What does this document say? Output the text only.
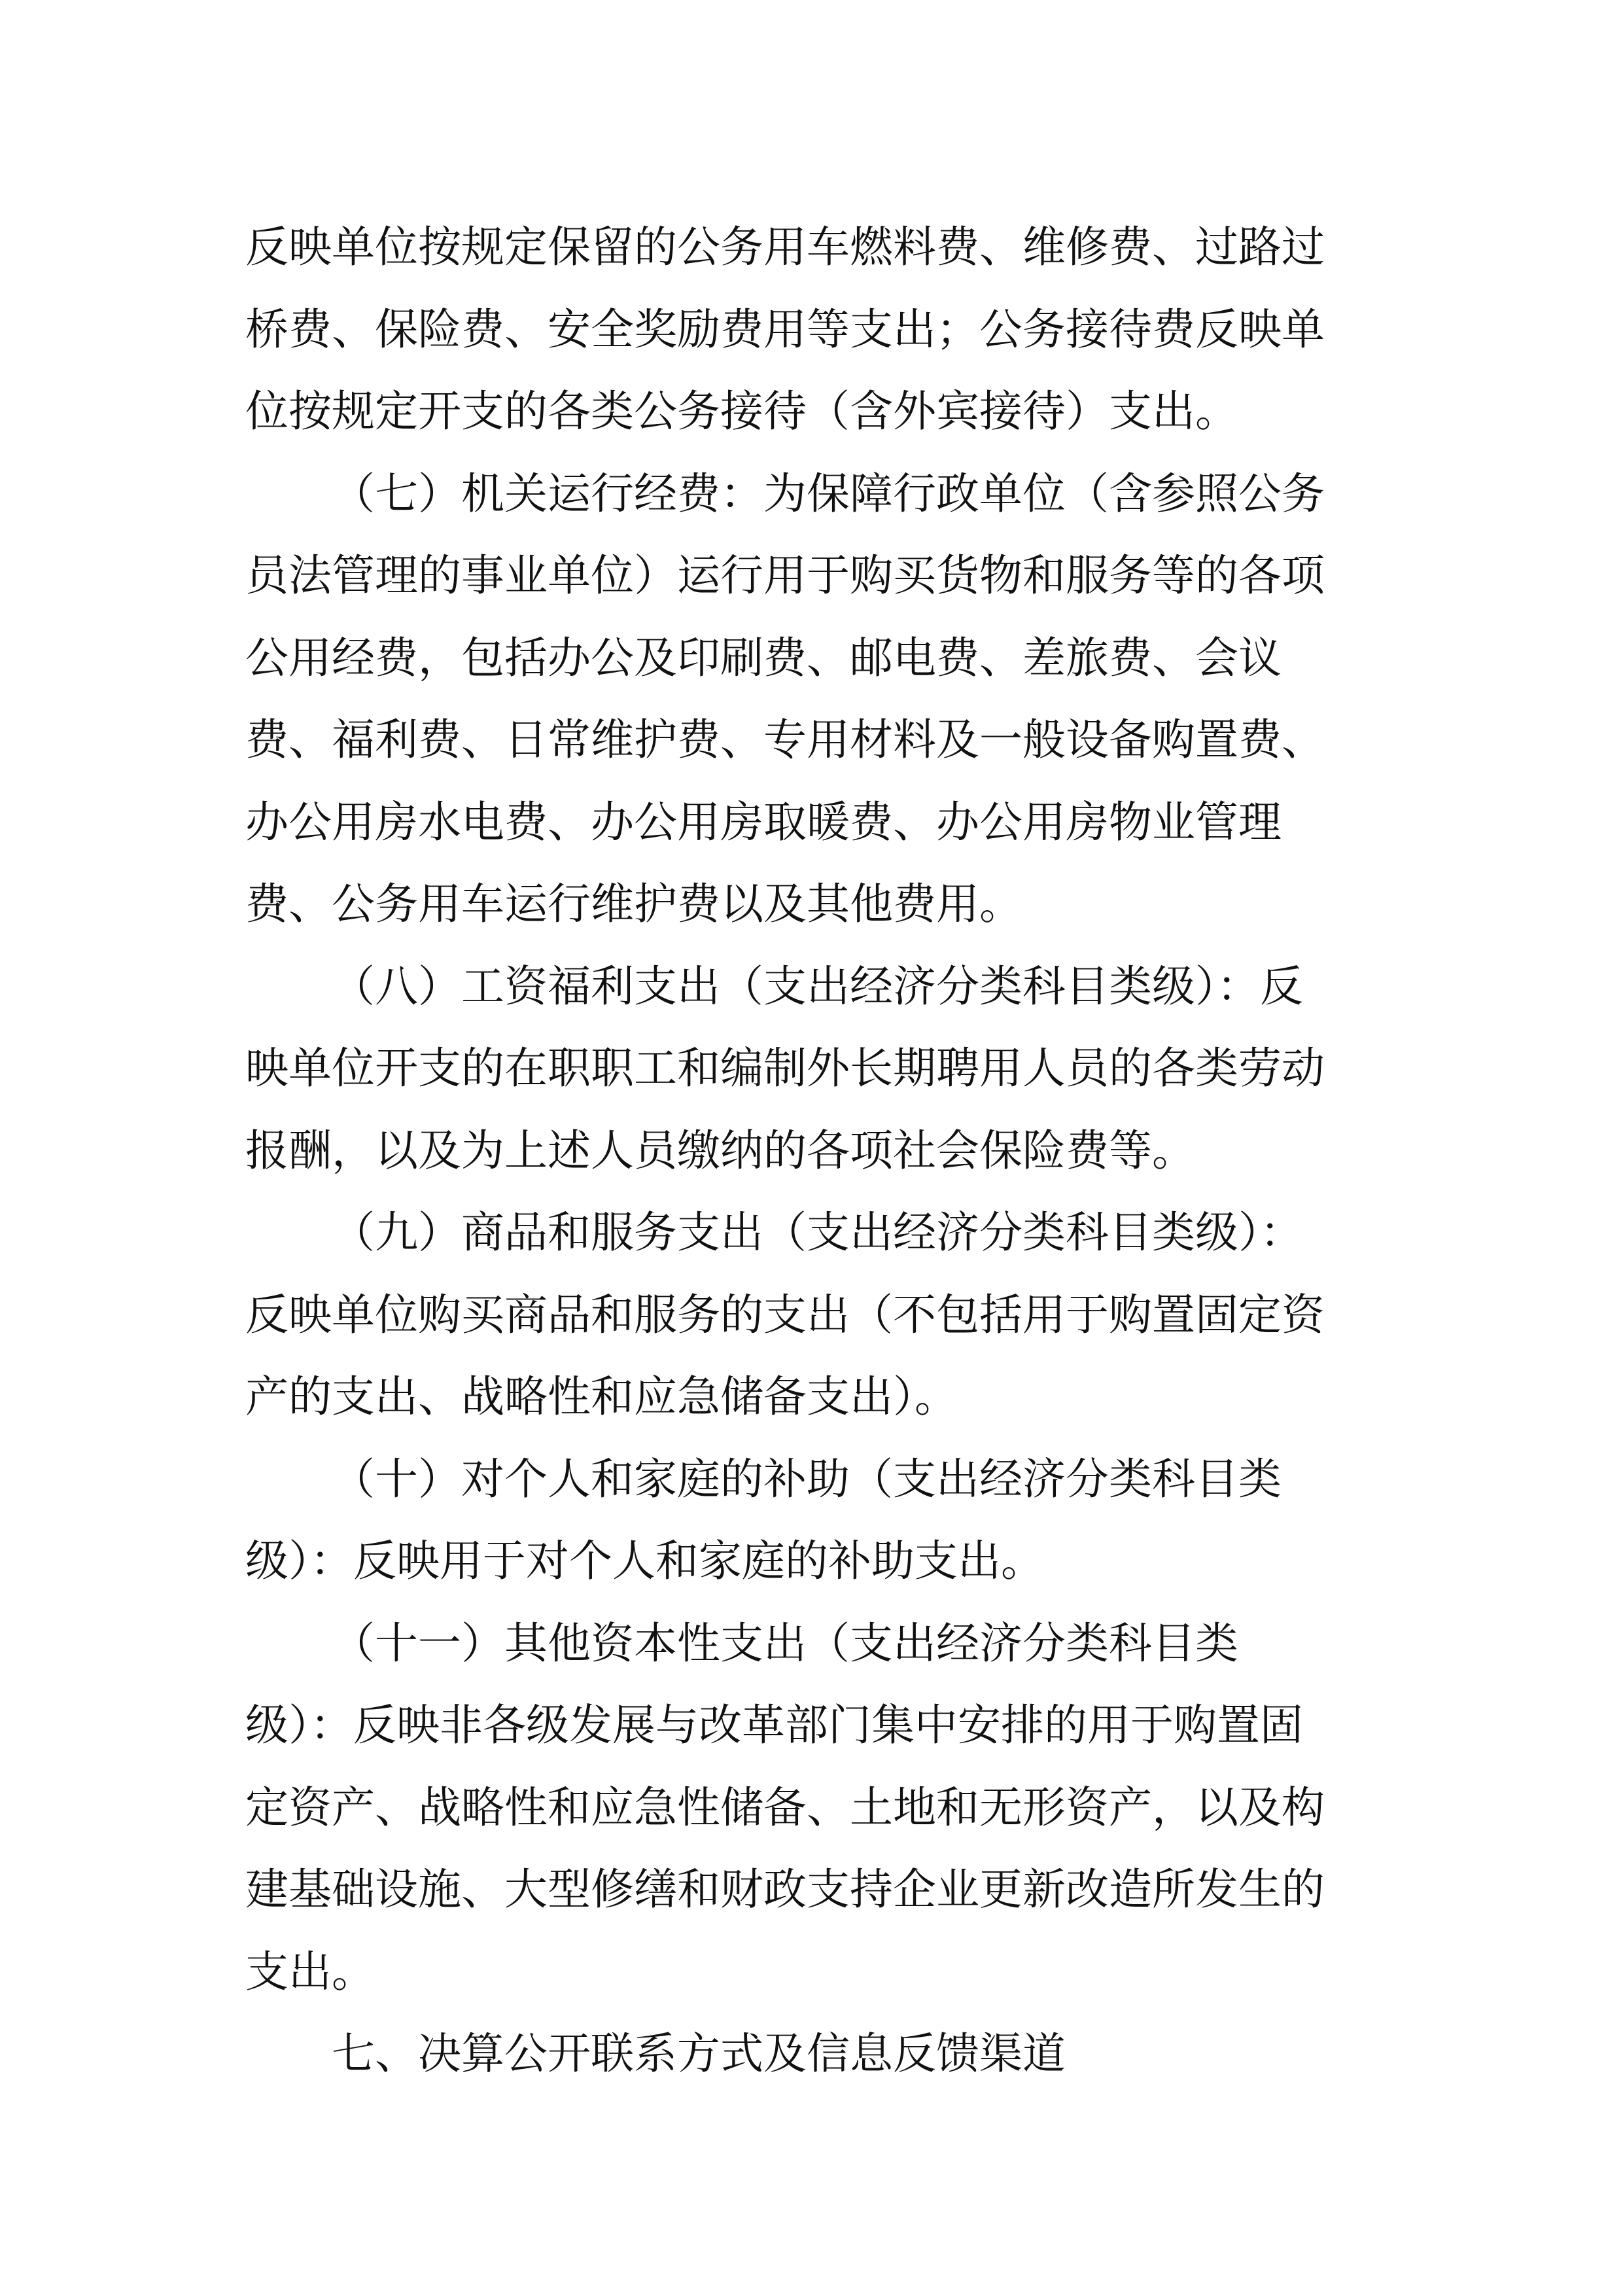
反映单位按规定保留的公务用车燃料费、维修费、过路过
桥费、保险费、安全奖励费用等支出；公务接待费反映单
位按规定开支的各类公务接待（含外宾接待）支出。

（七）机关运行经费：为保障行政单位（含参照公务
员法管理的事业单位）运行用于购买货物和服务等的各项
公用经费，包括办公及印刷费、邮电费、差旅费、会议
费、福利费、日常维护费、专用材料及一般设备购置费、
办公用房水电费、办公用房取暖费、办公用房物业管理
费、公务用车运行维护费以及其他费用。

（八）工资福利支出（支出经济分类科目类级）：反
映单位开支的在职职工和编制外长期聘用人员的各类劳动
报酬，以及为上述人员缴纳的各项社会保险费等。

（九）商品和服务支出（支出经济分类科目类级）：
反映单位购买商品和服务的支出（不包括用于购置固定资
产的支出、战略性和应急储备支出）。

（十）对个人和家庭的补助（支出经济分类科目类
级）：反映用于对个人和家庭的补助支出。

（十一）其他资本性支出（支出经济分类科目类
级）：反映非各级发展与改革部门集中安排的用于购置固
定资产、战略性和应急性储备、土地和无形资产，以及构
建基础设施、大型修缮和财政支持企业更新改造所发生的
支出。

七、决算公开联系方式及信息反馈渠道
